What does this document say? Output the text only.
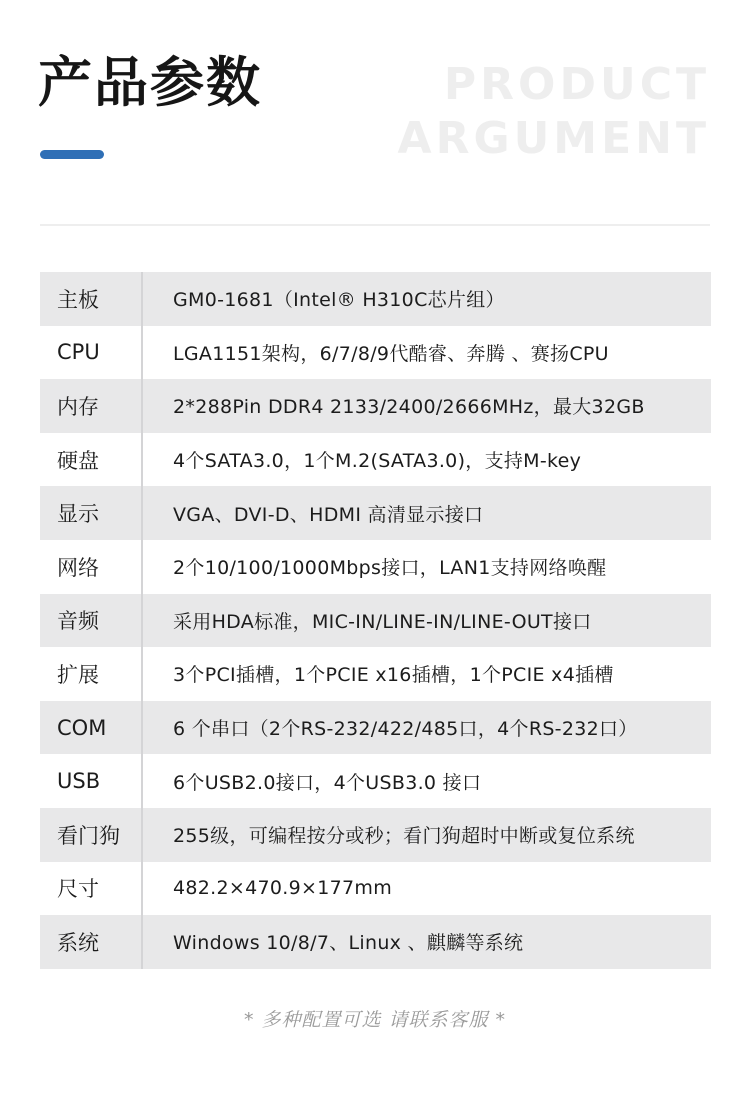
产品参数	PRODUCT
ARGUMENT
主板	GM0-1681（Intel® H310C芯片组）
CPU	LGA1151架构，6/7/8/9代酷睿、奔腾 、赛扬CPU
内存	2*288Pin DDR4 2133/2400/2666MHz，最大32GB
硬盘	4个SATA3.0，1个M.2(SATA3.0)，支持M-key
显示	VGA、DVI-D、HDMI 高清显示接口
网络	2个10/100/1000Mbps接口，LAN1支持网络唤醒
音频	采用HDA标准，MIC-IN/LINE-IN/LINE-OUT接口
扩展	3个PCI插槽，1个PCIE x16插槽，1个PCIE x4插槽
COM	6 个串口（2个RS-232/422/485口，4个RS-232口）
USB	6个USB2.0接口，4个USB3.0 接口
看门狗	255级，可编程按分或秒；看门狗超时中断或复位系统
尺寸	482.2×470.9×177mm
系统	Windows 10/8/7、Linux 、麒麟等系统
* 多种配置可选 请联系客服 *
